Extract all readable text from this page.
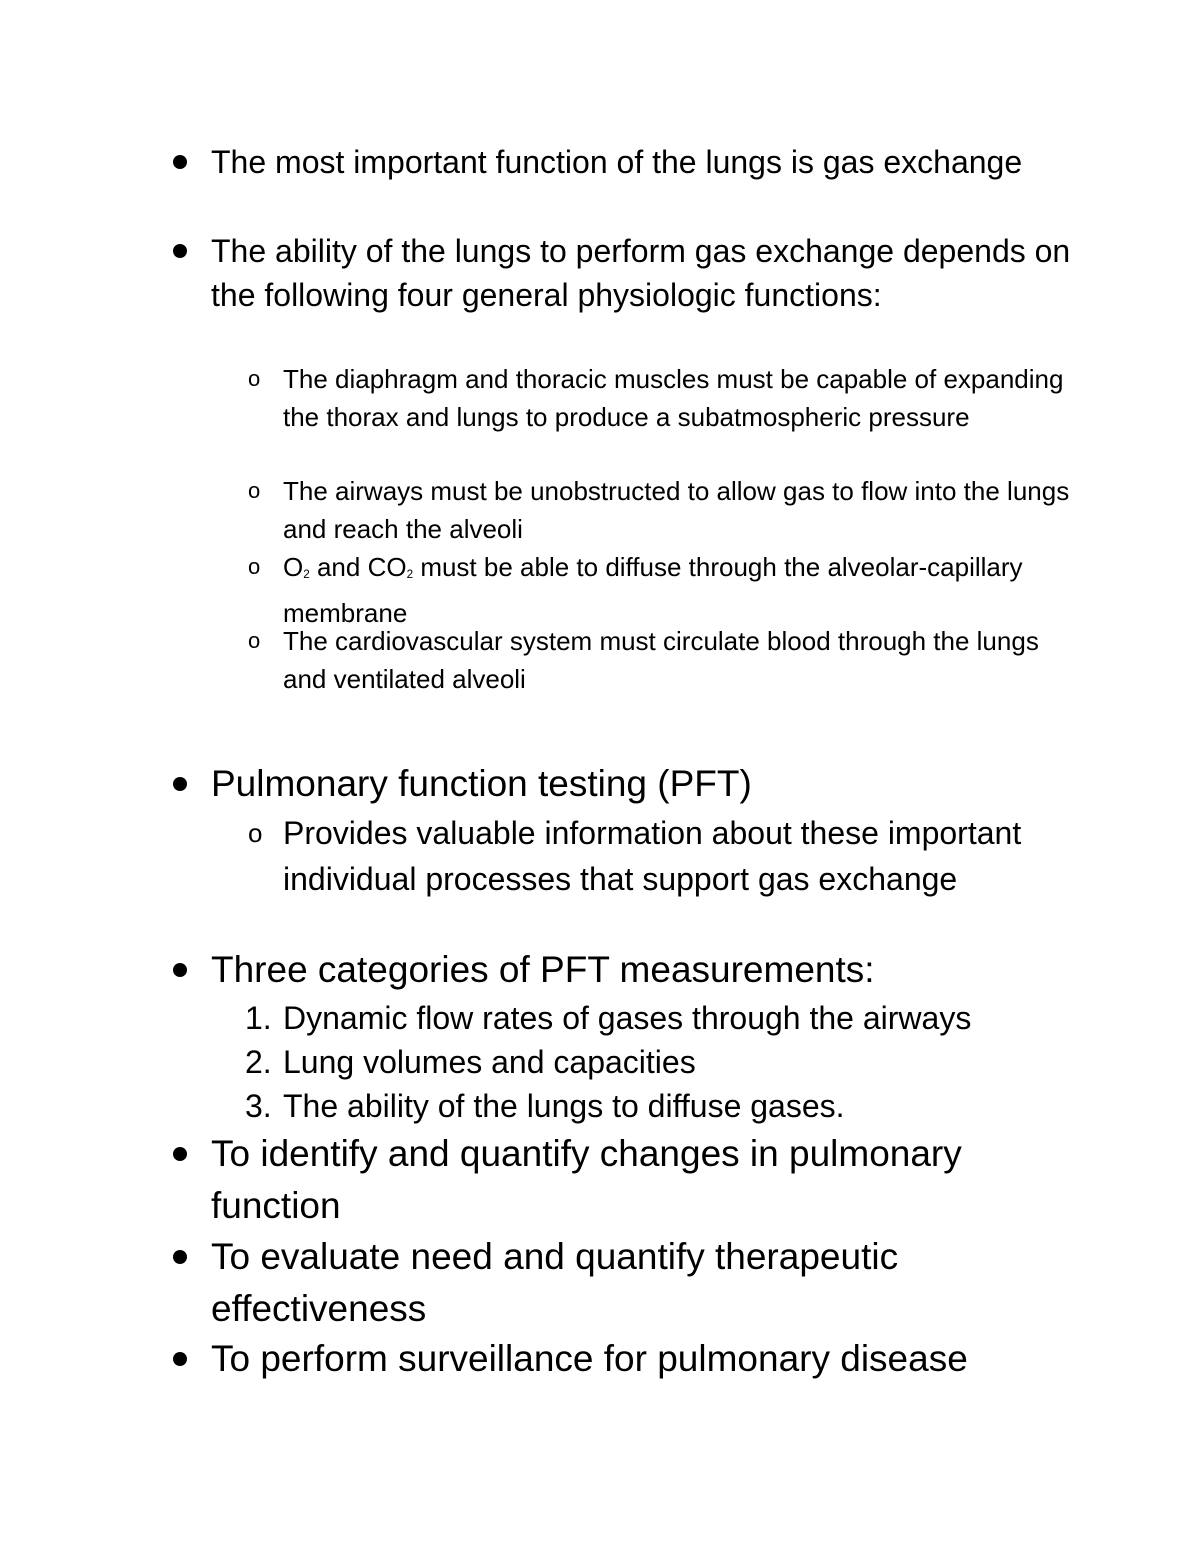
The most important function of the lungs is gas exchange
The ability of the lungs to perform gas exchange depends on the following four general physiologic functions:
o The diaphragm and thoracic muscles must be capable of expanding the thorax and lungs to produce a subatmospheric pressure
o The airways must be unobstructed to allow gas to flow into the lungs and reach the alveoli
o $O_2$ and $CO_2$ must be able to diffuse through the alveolar-capillary membrane
o The cardiovascular system must circulate blood through the lungs and ventilated alveoli
Pulmonary function testing (PFT)
o Provides valuable information about these important individual processes that support gas exchange
Three categories of PFT measurements:
1. Dynamic flow rates of gases through the airways
2. Lung volumes and capacities
3. The ability of the lungs to diffuse gases.
To identify and quantify changes in pulmonary function
To evaluate need and quantify therapeutic effectiveness
To perform surveillance for pulmonary disease
